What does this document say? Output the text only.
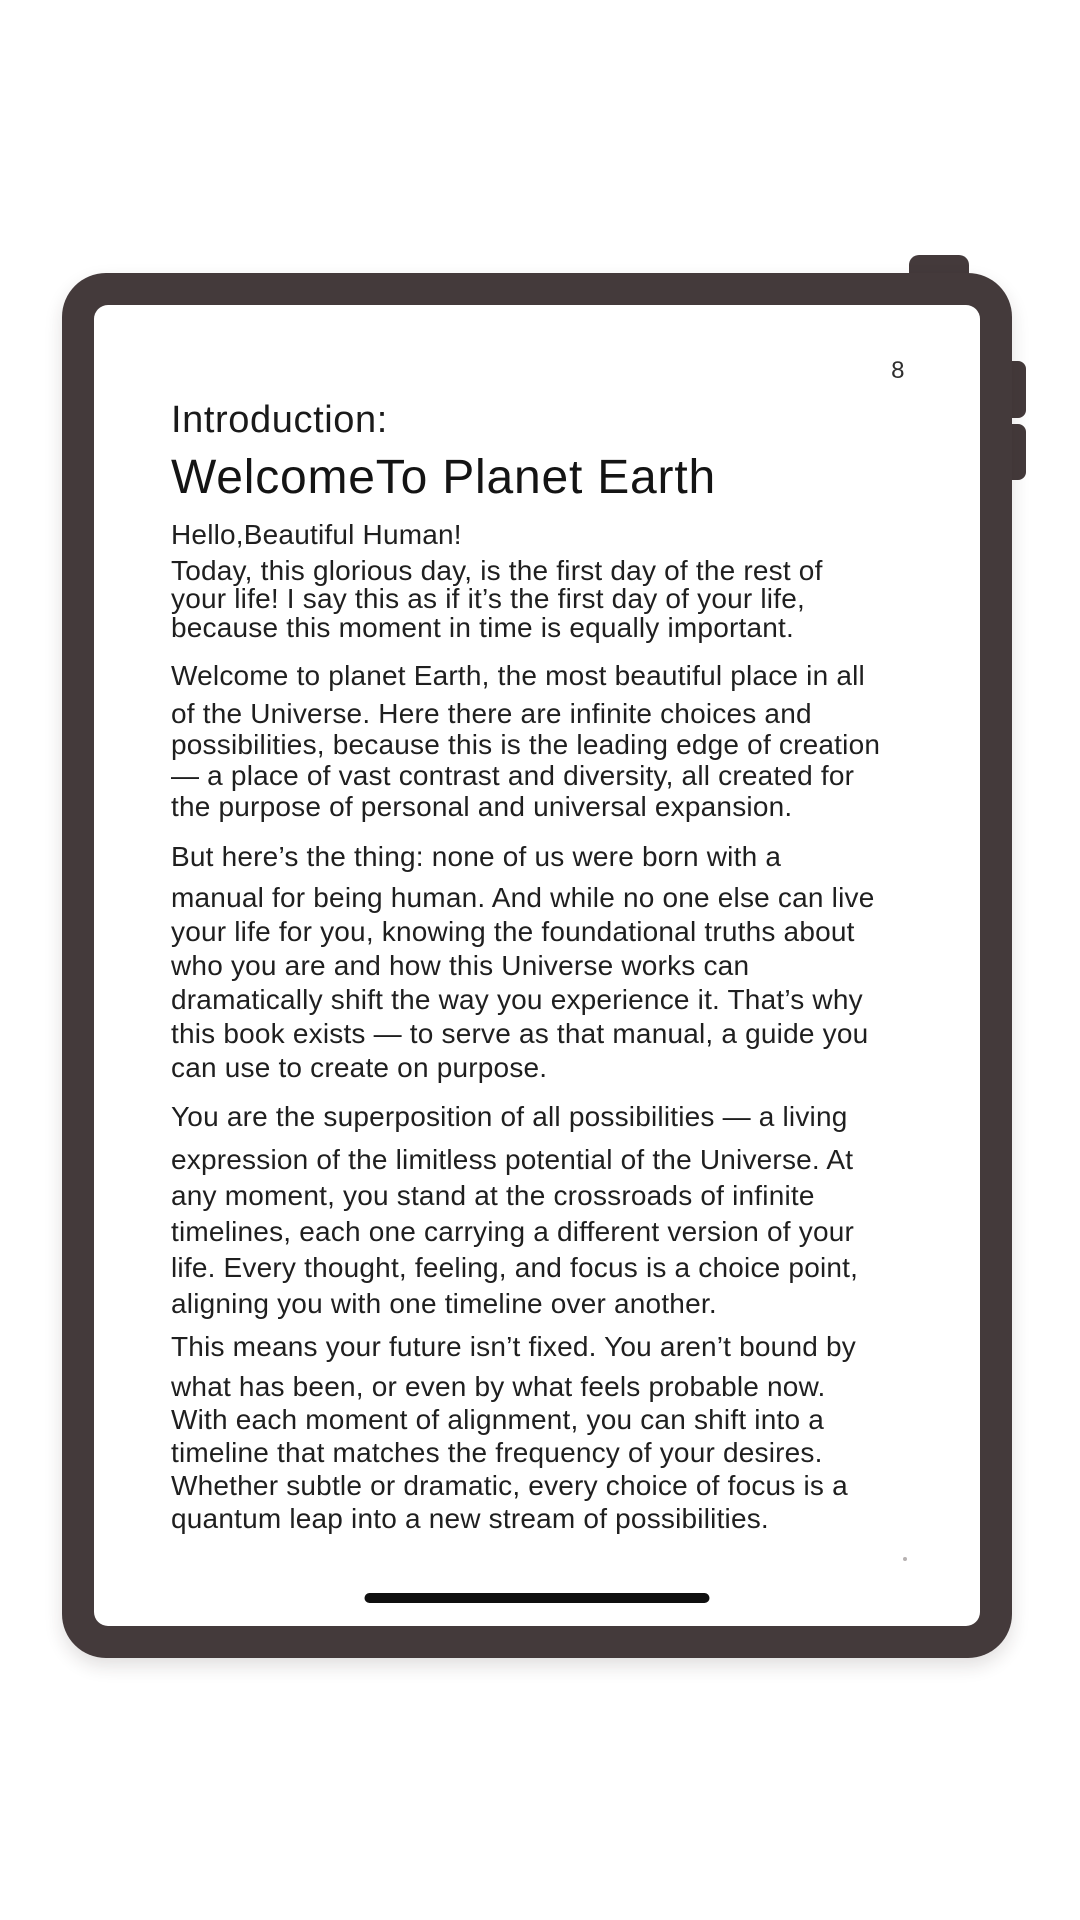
8
Introduction:
WelcomeTo Planet Earth
Hello,Beautiful Human!
Today, this glorious day, is the first day of the rest of
your life! I say this as if it’s the first day of your life,
because this moment in time is equally important.
Welcome to planet Earth, the most beautiful place in all
of the Universe. Here there are infinite choices and
possibilities, because this is the leading edge of creation
— a place of vast contrast and diversity, all created for
the purpose of personal and universal expansion.
But here’s the thing: none of us were born with a
manual for being human. And while no one else can live
your life for you, knowing the foundational truths about
who you are and how this Universe works can
dramatically shift the way you experience it. That’s why
this book exists — to serve as that manual, a guide you
can use to create on purpose.
You are the superposition of all possibilities — a living
expression of the limitless potential of the Universe. At
any moment, you stand at the crossroads of infinite
timelines, each one carrying a different version of your
life. Every thought, feeling, and focus is a choice point,
aligning you with one timeline over another.
This means your future isn’t fixed. You aren’t bound by
what has been, or even by what feels probable now.
With each moment of alignment, you can shift into a
timeline that matches the frequency of your desires.
Whether subtle or dramatic, every choice of focus is a
quantum leap into a new stream of possibilities.
